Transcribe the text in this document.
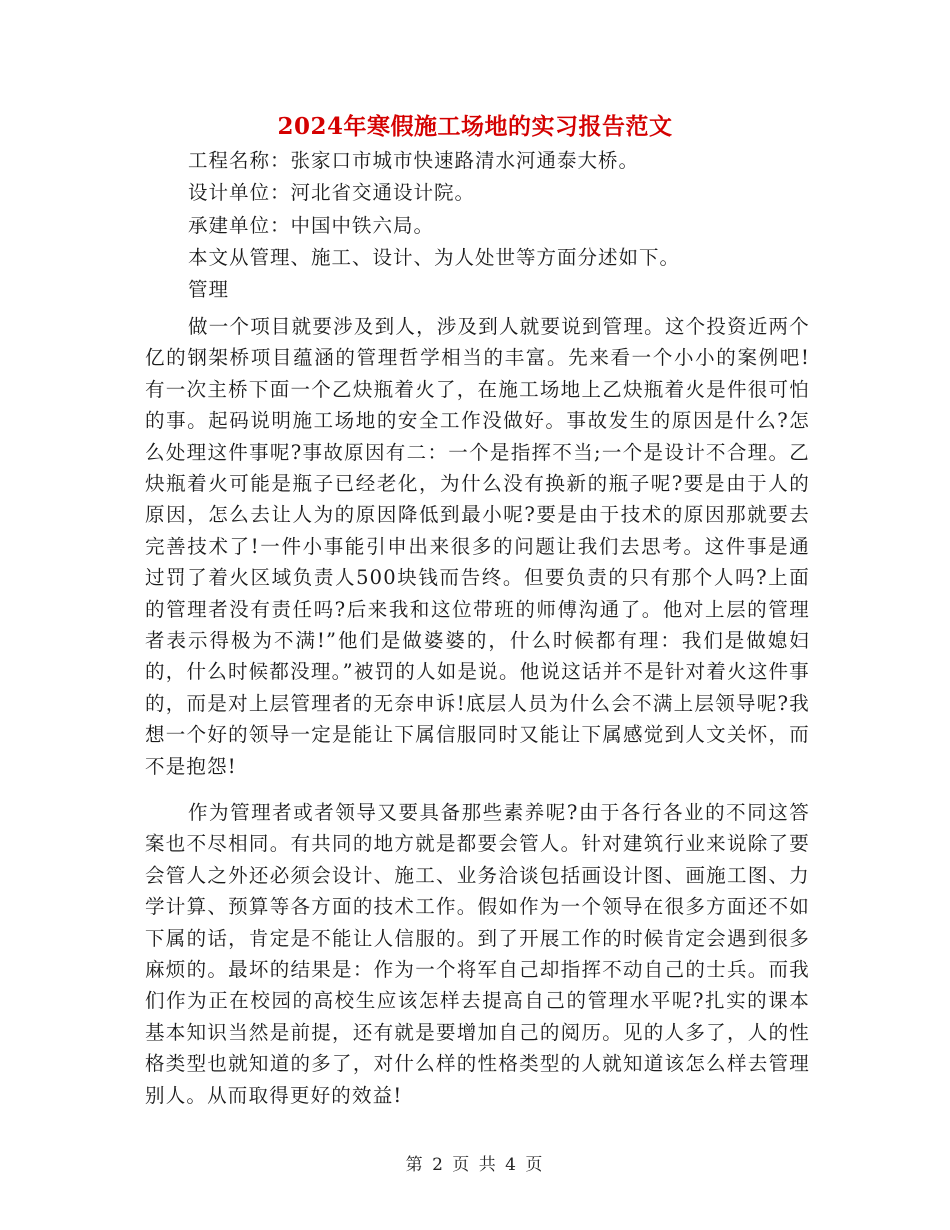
2024年寒假施工场地的实习报告范文
工程名称：张家口市城市快速路清水河通泰大桥。
设计单位：河北省交通设计院。
承建单位：中国中铁六局。
本文从管理、施工、设计、为人处世等方面分述如下。
管理

做一个项目就要涉及到人，涉及到人就要说到管理。这个投资近两个亿的钢架桥项目蕴涵的管理哲学相当的丰富。先来看一个小小的案例吧!有一次主桥下面一个乙炔瓶着火了，在施工场地上乙炔瓶着火是件很可怕的事。起码说明施工场地的安全工作没做好。事故发生的原因是什么?怎么处理这件事呢?事故原因有二：一个是指挥不当;一个是设计不合理。乙炔瓶着火可能是瓶子已经老化，为什么没有换新的瓶子呢?要是由于人的原因，怎么去让人为的原因降低到最小呢?要是由于技术的原因那就要去完善技术了!一件小事能引申出来很多的问题让我们去思考。这件事是通过罚了着火区域负责人500块钱而告终。但要负责的只有那个人吗?上面的管理者没有责任吗?后来我和这位带班的师傅沟通了。他对上层的管理者表示得极为不满!”他们是做婆婆的，什么时候都有理：我们是做媳妇的，什么时候都没理。”被罚的人如是说。他说这话并不是针对着火这件事的，而是对上层管理者的无奈申诉!底层人员为什么会不满上层领导呢?我想一个好的领导一定是能让下属信服同时又能让下属感觉到人文关怀，而不是抱怨!

作为管理者或者领导又要具备那些素养呢?由于各行各业的不同这答案也不尽相同。有共同的地方就是都要会管人。针对建筑行业来说除了要会管人之外还必须会设计、施工、业务洽谈包括画设计图、画施工图、力学计算、预算等各方面的技术工作。假如作为一个领导在很多方面还不如下属的话，肯定是不能让人信服的。到了开展工作的时候肯定会遇到很多麻烦的。最坏的结果是：作为一个将军自己却指挥不动自己的士兵。而我们作为正在校园的高校生应该怎样去提高自己的管理水平呢?扎实的课本基本知识当然是前提，还有就是要增加自己的阅历。见的人多了，人的性格类型也就知道的多了，对什么样的性格类型的人就知道该怎么样去管理别人。从而取得更好的效益!

第 2 页 共 4 页
